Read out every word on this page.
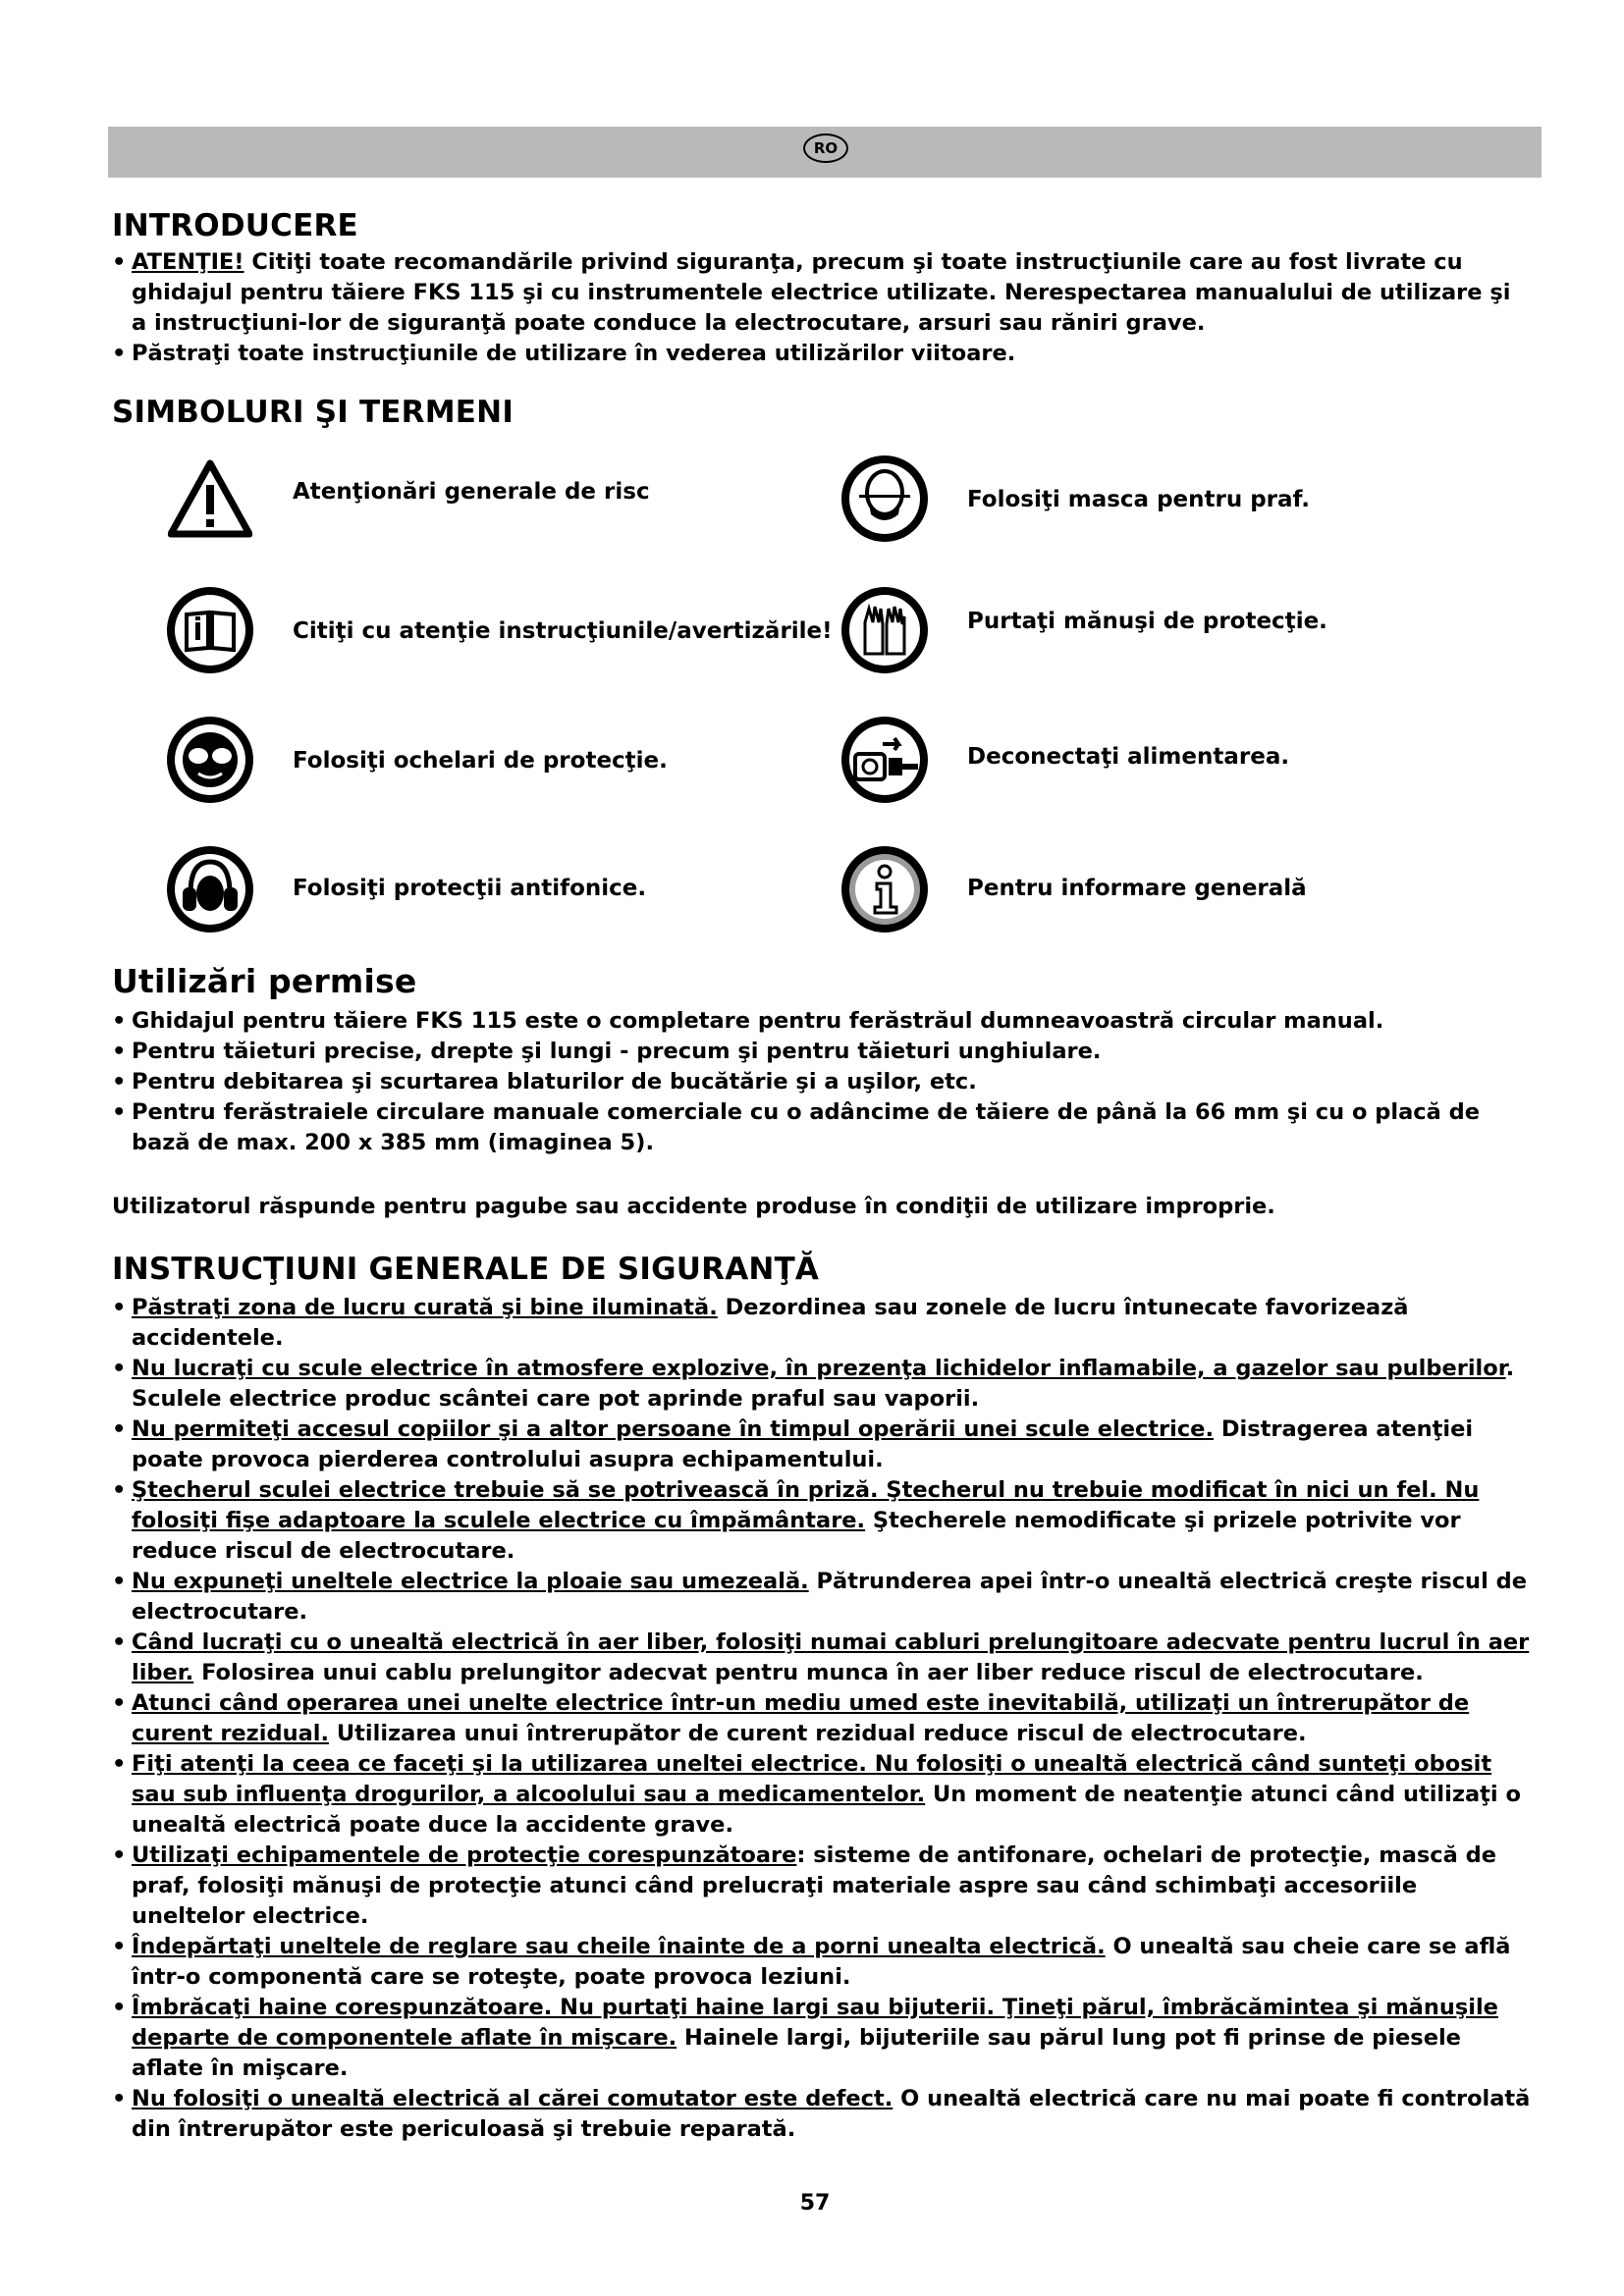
RO
INTRODUCERE
• ATENŢIE! Citiţi toate recomandările privind siguranţa, precum şi toate instrucţiunile care au fost livrate cu ghidajul pentru tăiere FKS 115 şi cu instrumentele electrice utilizate. Nerespectarea manualului de utilizare şi a instrucţiuni-lor de siguranţă poate conduce la electrocutare, arsuri sau răniri grave.
• Păstraţi toate instrucţiunile de utilizare în vederea utilizărilor viitoare.
SIMBOLURI ŞI TERMENI
Atenţionări generale de risc	Folosiţi masca pentru praf.
Citiţi cu atenţie instrucţiunile/avertizările!	Purtaţi mănuşi de protecţie.
Folosiţi ochelari de protecţie.	Deconectaţi alimentarea.
Folosiţi protecţii antifonice.	Pentru informare generală
Utilizări permise
• Ghidajul pentru tăiere FKS 115 este o completare pentru ferăstrăul dumneavoastră circular manual.
• Pentru tăieturi precise, drepte şi lungi - precum şi pentru tăieturi unghiulare.
• Pentru debitarea şi scurtarea blaturilor de bucătărie şi a uşilor, etc.
• Pentru ferăstraiele circulare manuale comerciale cu o adâncime de tăiere de până la 66 mm şi cu o placă de bază de max. 200 x 385 mm (imaginea 5).
Utilizatorul răspunde pentru pagube sau accidente produse în condiţii de utilizare improprie.
INSTRUCŢIUNI GENERALE DE SIGURANŢĂ
• Păstraţi zona de lucru curată şi bine iluminată. Dezordinea sau zonele de lucru întunecate favorizează accidentele.
• Nu lucraţi cu scule electrice în atmosfere explozive, în prezenţa lichidelor inflamabile, a gazelor sau pulberilor. Sculele electrice produc scântei care pot aprinde praful sau vaporii.
• Nu permiteţi accesul copiilor şi a altor persoane în timpul operării unei scule electrice. Distragerea atenţiei poate provoca pierderea controlului asupra echipamentului.
• Ştecherul sculei electrice trebuie să se potrivească în priză. Ştecherul nu trebuie modificat în nici un fel. Nu folosiţi fişe adaptoare la sculele electrice cu împământare. Ştecherele nemodificate şi prizele potrivite vor reduce riscul de electrocutare.
• Nu expuneţi uneltele electrice la ploaie sau umezeală. Pătrunderea apei într-o unealtă electrică creşte riscul de electrocutare.
• Când lucraţi cu o unealtă electrică în aer liber, folosiţi numai cabluri prelungitoare adecvate pentru lucrul în aer liber. Folosirea unui cablu prelungitor adecvat pentru munca în aer liber reduce riscul de electrocutare.
• Atunci când operarea unei unelte electrice într-un mediu umed este inevitabilă, utilizaţi un întrerupător de curent rezidual. Utilizarea unui întrerupător de curent rezidual reduce riscul de electrocutare.
• Fiţi atenţi la ceea ce faceţi şi la utilizarea uneltei electrice. Nu folosiţi o unealtă electrică când sunteţi obosit sau sub influenţa drogurilor, a alcoolului sau a medicamentelor. Un moment de neatenţie atunci când utilizaţi o unealtă electrică poate duce la accidente grave.
• Utilizaţi echipamentele de protecţie corespunzătoare: sisteme de antifonare, ochelari de protecţie, mască de praf, folosiţi mănuşi de protecţie atunci când prelucraţi materiale aspre sau când schimbaţi accesoriile uneltelor electrice.
• Îndepărtaţi uneltele de reglare sau cheile înainte de a porni unealta electrică. O unealtă sau cheie care se află într-o componentă care se roteşte, poate provoca leziuni.
• Îmbrăcaţi haine corespunzătoare. Nu purtaţi haine largi sau bijuterii. Ţineţi părul, îmbrăcămintea şi mănuşile departe de componentele aflate în mişcare. Hainele largi, bijuteriile sau părul lung pot fi prinse de piesele aflate în mişcare.
• Nu folosiţi o unealtă electrică al cărei comutator este defect. O unealtă electrică care nu mai poate fi controlată din întrerupător este periculoasă şi trebuie reparată.
57
